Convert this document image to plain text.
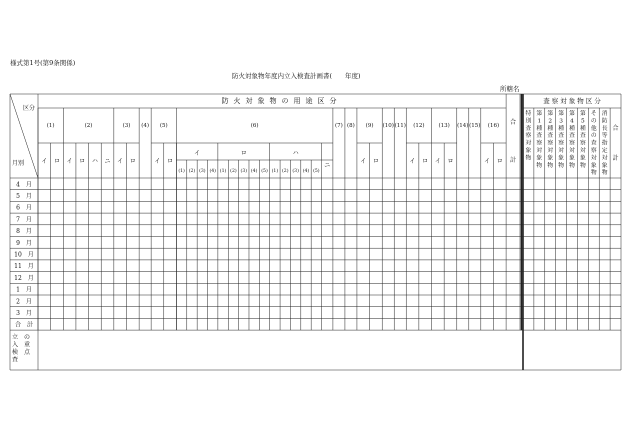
様式第1号(第9条関係)
防火対象物年度内立入検査計画書(　　年度)
所轄名
(1)
イ ロ
(2)
イ ロ ハ ニ
(3)
イ ロ
(4) (5)
イ ロ
(6)
イ
(1) (2) (3) (4)
ロ
(1) (2) (3) (4) (5)
ハ
(1) (2) (3) (4) (5)
ニ
(7) (8) (9)
イ ロ
(10) (11) (12)
イ ロ
(13)
イ ロ
(14) (15) (16)
イ ロ
合
計
特
別
査
察
対
象
物
第
1
種
査
察
対
象
物
第
2
種
査
察
対
象
物
第
3
種
査
察
対
象
物
第
4
種
査
察
対
象
物
第
5
種
査
察
対
象
物
そ
の
他
の
査
察
対
象
物
消
防
長
等
指
定
対
象
物
合
計
防 火 対 象 物 の 用 途 区 分	査 察 対 象 物 区 分
区分
月別
4　月
5　月
6　月
7　月
8　月
9　月
10　月
11　月
12　月
1　月
2　月
3　月
合　計
立
入
検
査
の
重
点
